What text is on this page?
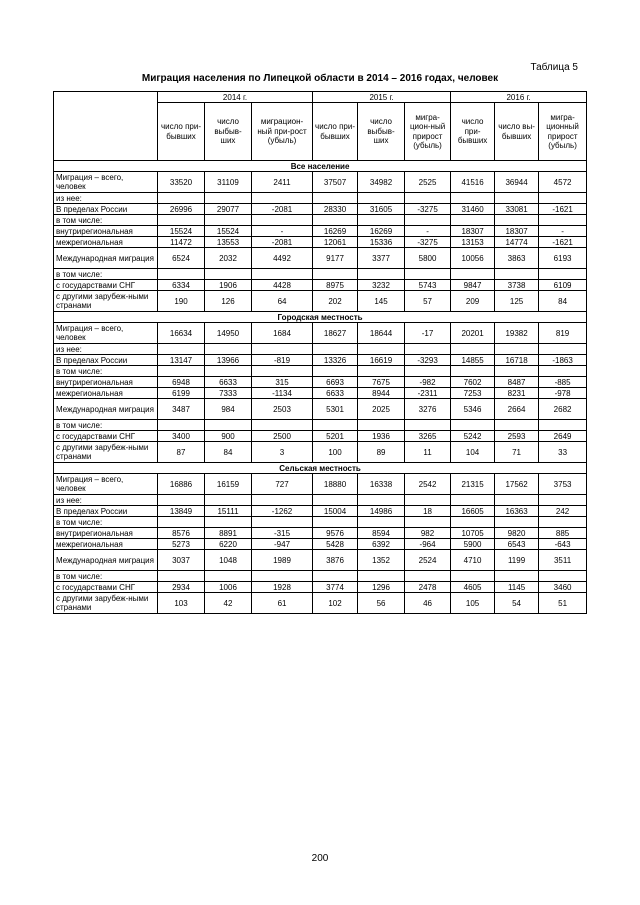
Таблица 5
Миграция населения по Липецкой области в 2014 – 2016 годах, человек
	2014 г.			2015 г.			2016 г.		
	число при-бывших	число выбыв-ших	миграцион-ный при-рост (убыль)	число при-бывших	число выбыв-ших	мигра-цион-ный прирост (убыль)	число при-бывших	число вы-бывших	мигра-ционный прирост (убыль)
Все население									
Миграция – всего, человек	33520	31109	2411	37507	34982	2525	41516	36944	4572
из нее:									
В пределах России	26996	29077	-2081	28330	31605	-3275	31460	33081	-1621
в том числе:									
внутрирегиональная	15524	15524	-	16269	16269	-	18307	18307	-
межрегиональная	11472	13553	-2081	12061	15336	-3275	13153	14774	-1621
Международная миграция	6524	2032	4492	9177	3377	5800	10056	3863	6193
в том числе:									
с государствами СНГ	6334	1906	4428	8975	3232	5743	9847	3738	6109
с другими зарубеж-ными странами	190	126	64	202	145	57	209	125	84
Городская местность									
Миграция – всего, человек	16634	14950	1684	18627	18644	-17	20201	19382	819
из нее:									
В пределах России	13147	13966	-819	13326	16619	-3293	14855	16718	-1863
в том числе:									
внутрирегиональная	6948	6633	315	6693	7675	-982	7602	8487	-885
межрегиональная	6199	7333	-1134	6633	8944	-2311	7253	8231	-978
Международная миграция	3487	984	2503	5301	2025	3276	5346	2664	2682
в том числе:									
с государствами СНГ	3400	900	2500	5201	1936	3265	5242	2593	2649
с другими зарубеж-ными странами	87	84	3	100	89	11	104	71	33
Сельская местность									
Миграция – всего, человек	16886	16159	727	18880	16338	2542	21315	17562	3753
из нее:									
В пределах России	13849	15111	-1262	15004	14986	18	16605	16363	242
в том числе:									
внутрирегиональная	8576	8891	-315	9576	8594	982	10705	9820	885
межрегиональная	5273	6220	-947	5428	6392	-964	5900	6543	-643
Международная миграция	3037	1048	1989	3876	1352	2524	4710	1199	3511
в том числе:									
с государствами СНГ	2934	1006	1928	3774	1296	2478	4605	1145	3460
с другими зарубеж-ными странами	103	42	61	102	56	46	105	54	51
200
